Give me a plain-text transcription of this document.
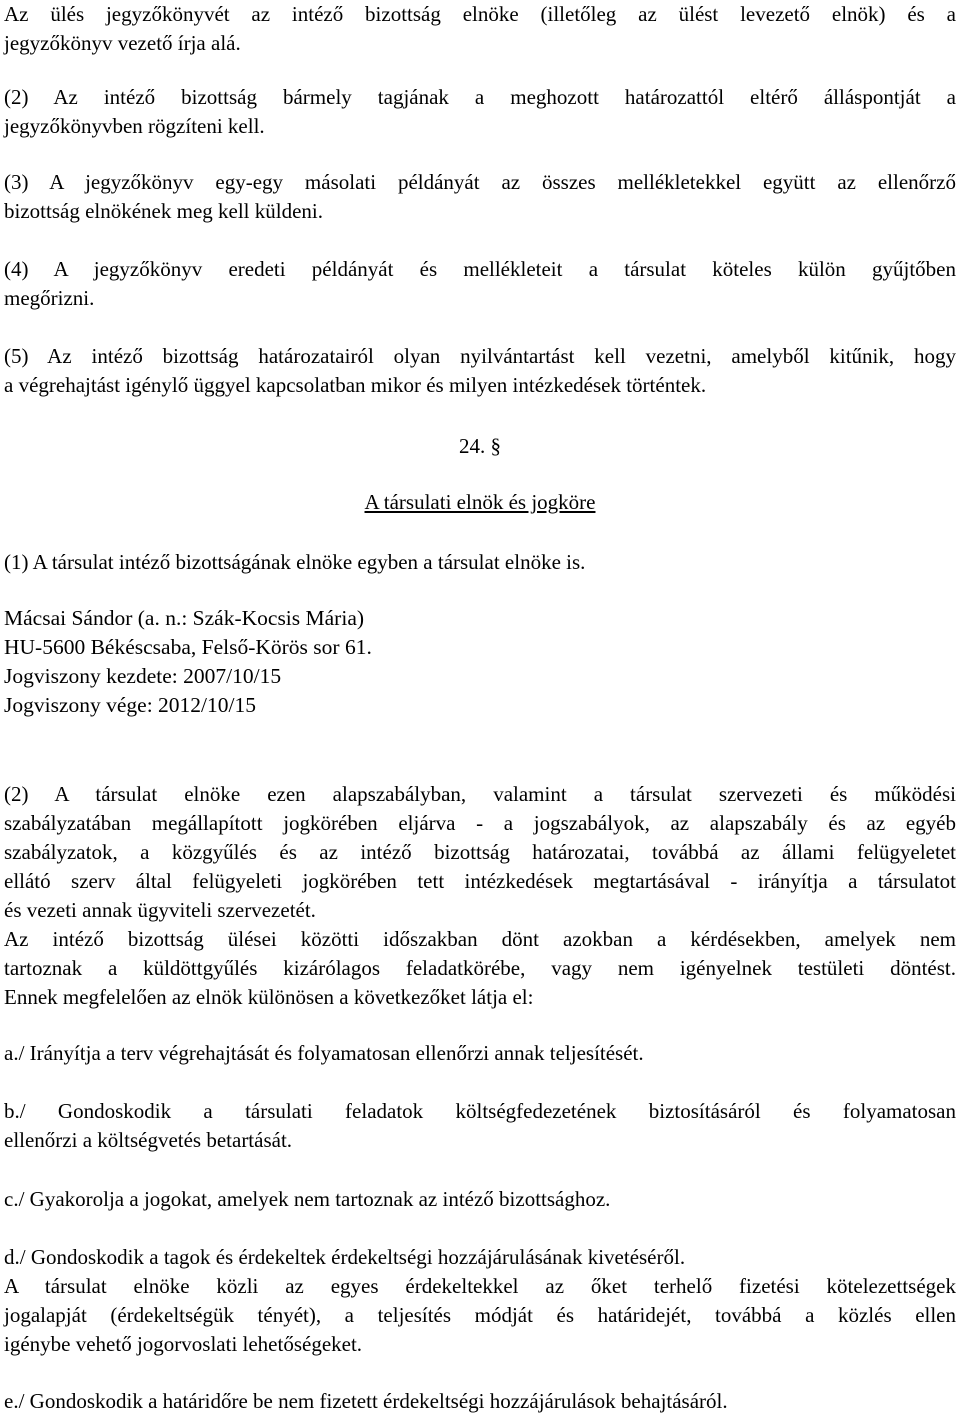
Az ülés jegyzőkönyvét az intéző bizottság elnöke (illetőleg az ülést levezető elnök) és a

jegyzőkönyv vezető írja alá.

(2) Az intéző bizottság bármely tagjának a meghozott határozattól eltérő álláspontját a

jegyzőkönyvben rögzíteni kell.

(3) A jegyzőkönyv egy-egy másolati példányát az összes mellékletekkel együtt az ellenőrző

bizottság elnökének meg kell küldeni.

(4) A jegyzőkönyv eredeti példányát és mellékleteit a társulat köteles külön gyűjtőben

megőrizni.

(5) Az intéző bizottság határozatairól olyan nyilvántartást kell vezetni, amelyből kitűnik, hogy

a végrehajtást igénylő üggyel kapcsolatban mikor és milyen intézkedések történtek.

24. §

A társulati elnök és jogköre

(1) A társulat intéző bizottságának elnöke egyben a társulat elnöke is.

Mácsai Sándor (a. n.: Szák-Kocsis Mária)

HU-5600 Békéscsaba, Felső-Körös sor 61.

Jogviszony kezdete: 2007/10/15

Jogviszony vége: 2012/10/15

(2) A társulat elnöke ezen alapszabályban, valamint a társulat szervezeti és működési

szabályzatában megállapított jogkörében eljárva - a jogszabályok, az alapszabály és az egyéb

szabályzatok, a közgyűlés és az intéző bizottság határozatai, továbbá az állami felügyeletet

ellátó szerv által felügyeleti jogkörében tett intézkedések megtartásával - irányítja a társulatot

és vezeti annak ügyviteli szervezetét.

Az intéző bizottság ülései közötti időszakban dönt azokban a kérdésekben, amelyek nem

tartoznak a küldöttgyűlés kizárólagos feladatkörébe, vagy nem igényelnek testületi döntést.

Ennek megfelelően az elnök különösen a következőket látja el:

a./ Irányítja a terv végrehajtását és folyamatosan ellenőrzi annak teljesítését.

b./ Gondoskodik a társulati feladatok költségfedezetének biztosításáról és folyamatosan

ellenőrzi a költségvetés betartását.

c./ Gyakorolja a jogokat, amelyek nem tartoznak az intéző bizottsághoz.

d./ Gondoskodik a tagok és érdekeltek érdekeltségi hozzájárulásának kivetéséről.

A társulat elnöke közli az egyes érdekeltekkel az őket terhelő fizetési kötelezettségek

jogalapját (érdekeltségük tényét), a teljesítés módját és határidejét, továbbá a közlés ellen

igénybe vehető jogorvoslati lehetőségeket.

e./ Gondoskodik a határidőre be nem fizetett érdekeltségi hozzájárulások behajtásáról.
